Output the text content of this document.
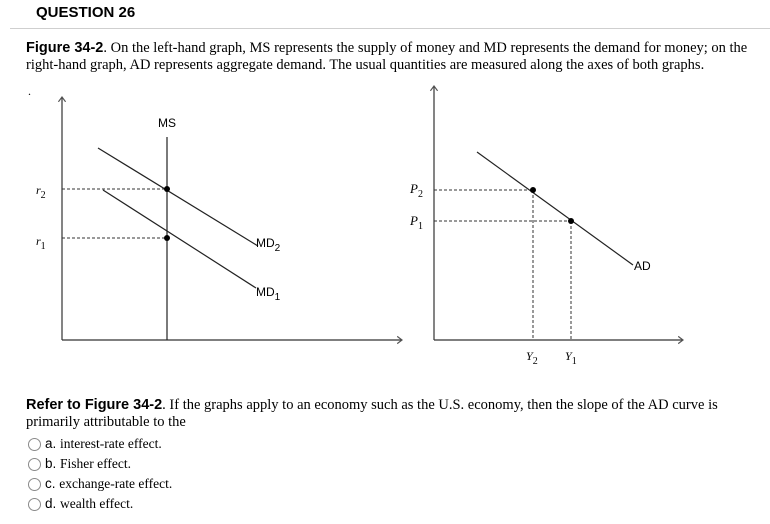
QUESTION 26
Figure 34-2. On the left-hand graph, MS represents the supply of money and MD represents the demand for money; on the right-hand graph, AD represents aggregate demand. The usual quantities are measured along the axes of both graphs.
.
MS
$MD_2$
$MD_1$
$r_2$
$r_1$
$P_2$
$P_1$
AD
$Y_2$ $Y_1$
Refer to Figure 34-2. If the graphs apply to an economy such as the U.S. economy, then the slope of the AD curve is primarily attributable to the
a. interest-rate effect.
b. Fisher effect.
c. exchange-rate effect.
d. wealth effect.
